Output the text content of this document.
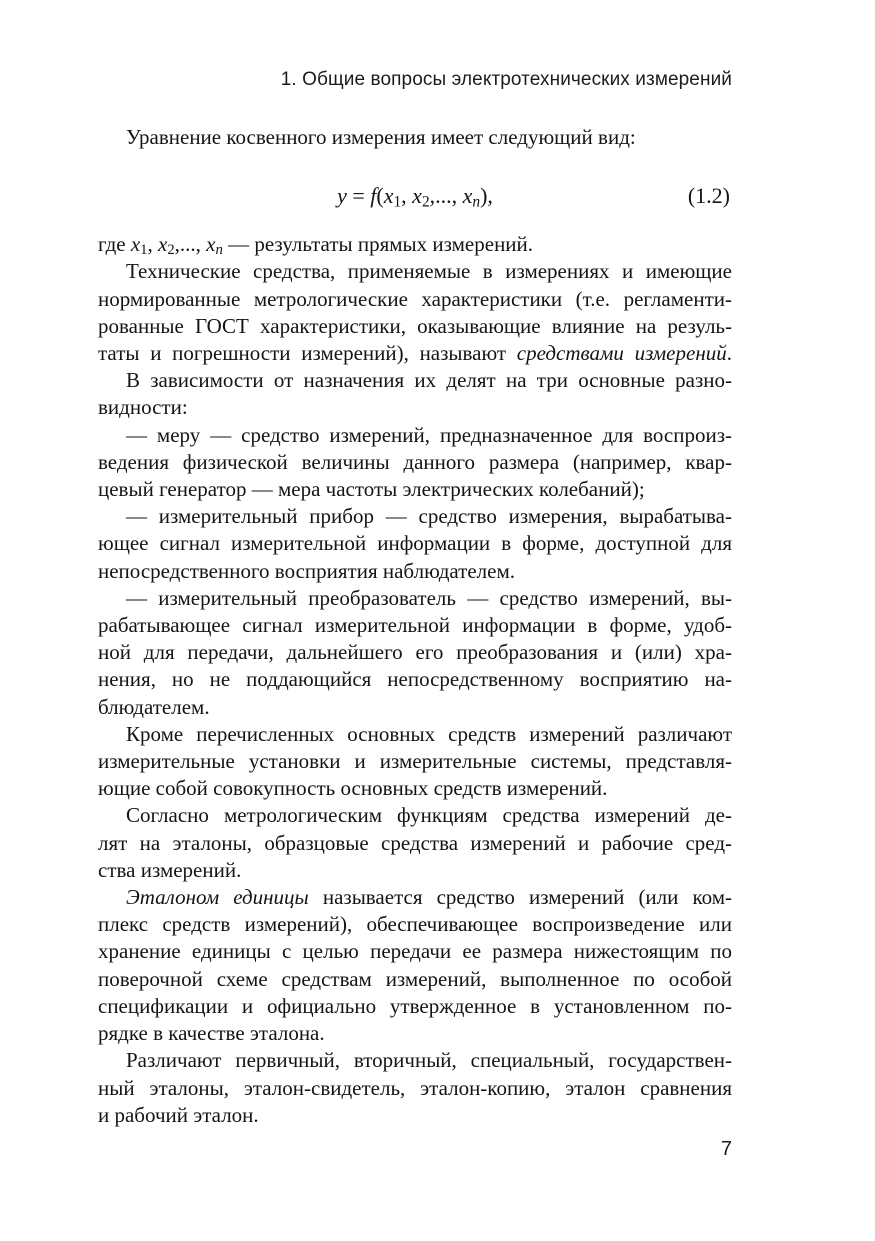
1. Общие вопросы электротехнических измерений
Уравнение косвенного измерения имеет следующий вид:
$y = f(x_1$, $x_2$,..., $x_n$),	(1.2)
где $x_1$, $x_2$,..., $x_n$ — результаты прямых измерений.
Технические средства, применяемые в измерениях и имеющие
нормированные метрологические характеристики (т.е. регламенти-
рованные ГОСТ характеристики, оказывающие влияние на резуль-
таты и погрешности измерений), называют средствами измерений.
В зависимости от назначения их делят на три основные разно-
видности:
— меру — средство измерений, предназначенное для воспроиз-
ведения физической величины данного размера (например, квар-
цевый генератор — мера частоты электрических колебаний);
— измерительный прибор — средство измерения, вырабатыва-
ющее сигнал измерительной информации в форме, доступной для
непосредственного восприятия наблюдателем.
— измерительный преобразователь — средство измерений, вы-
рабатывающее сигнал измерительной информации в форме, удоб-
ной для передачи, дальнейшего его преобразования и (или) хра-
нения, но не поддающийся непосредственному восприятию на-
блюдателем.
Кроме перечисленных основных средств измерений различают
измерительные установки и измерительные системы, представля-
ющие собой совокупность основных средств измерений.
Согласно метрологическим функциям средства измерений де-
лят на эталоны, образцовые средства измерений и рабочие сред-
ства измерений.
Эталоном единицы называется средство измерений (или ком-
плекс средств измерений), обеспечивающее воспроизведение или
хранение единицы с целью передачи ее размера нижестоящим по
поверочной схеме средствам измерений, выполненное по особой
спецификации и официально утвержденное в установленном по-
рядке в качестве эталона.
Различают первичный, вторичный, специальный, государствен-
ный эталоны, эталон-свидетель, эталон-копию, эталон сравнения
и рабочий эталон.
7
